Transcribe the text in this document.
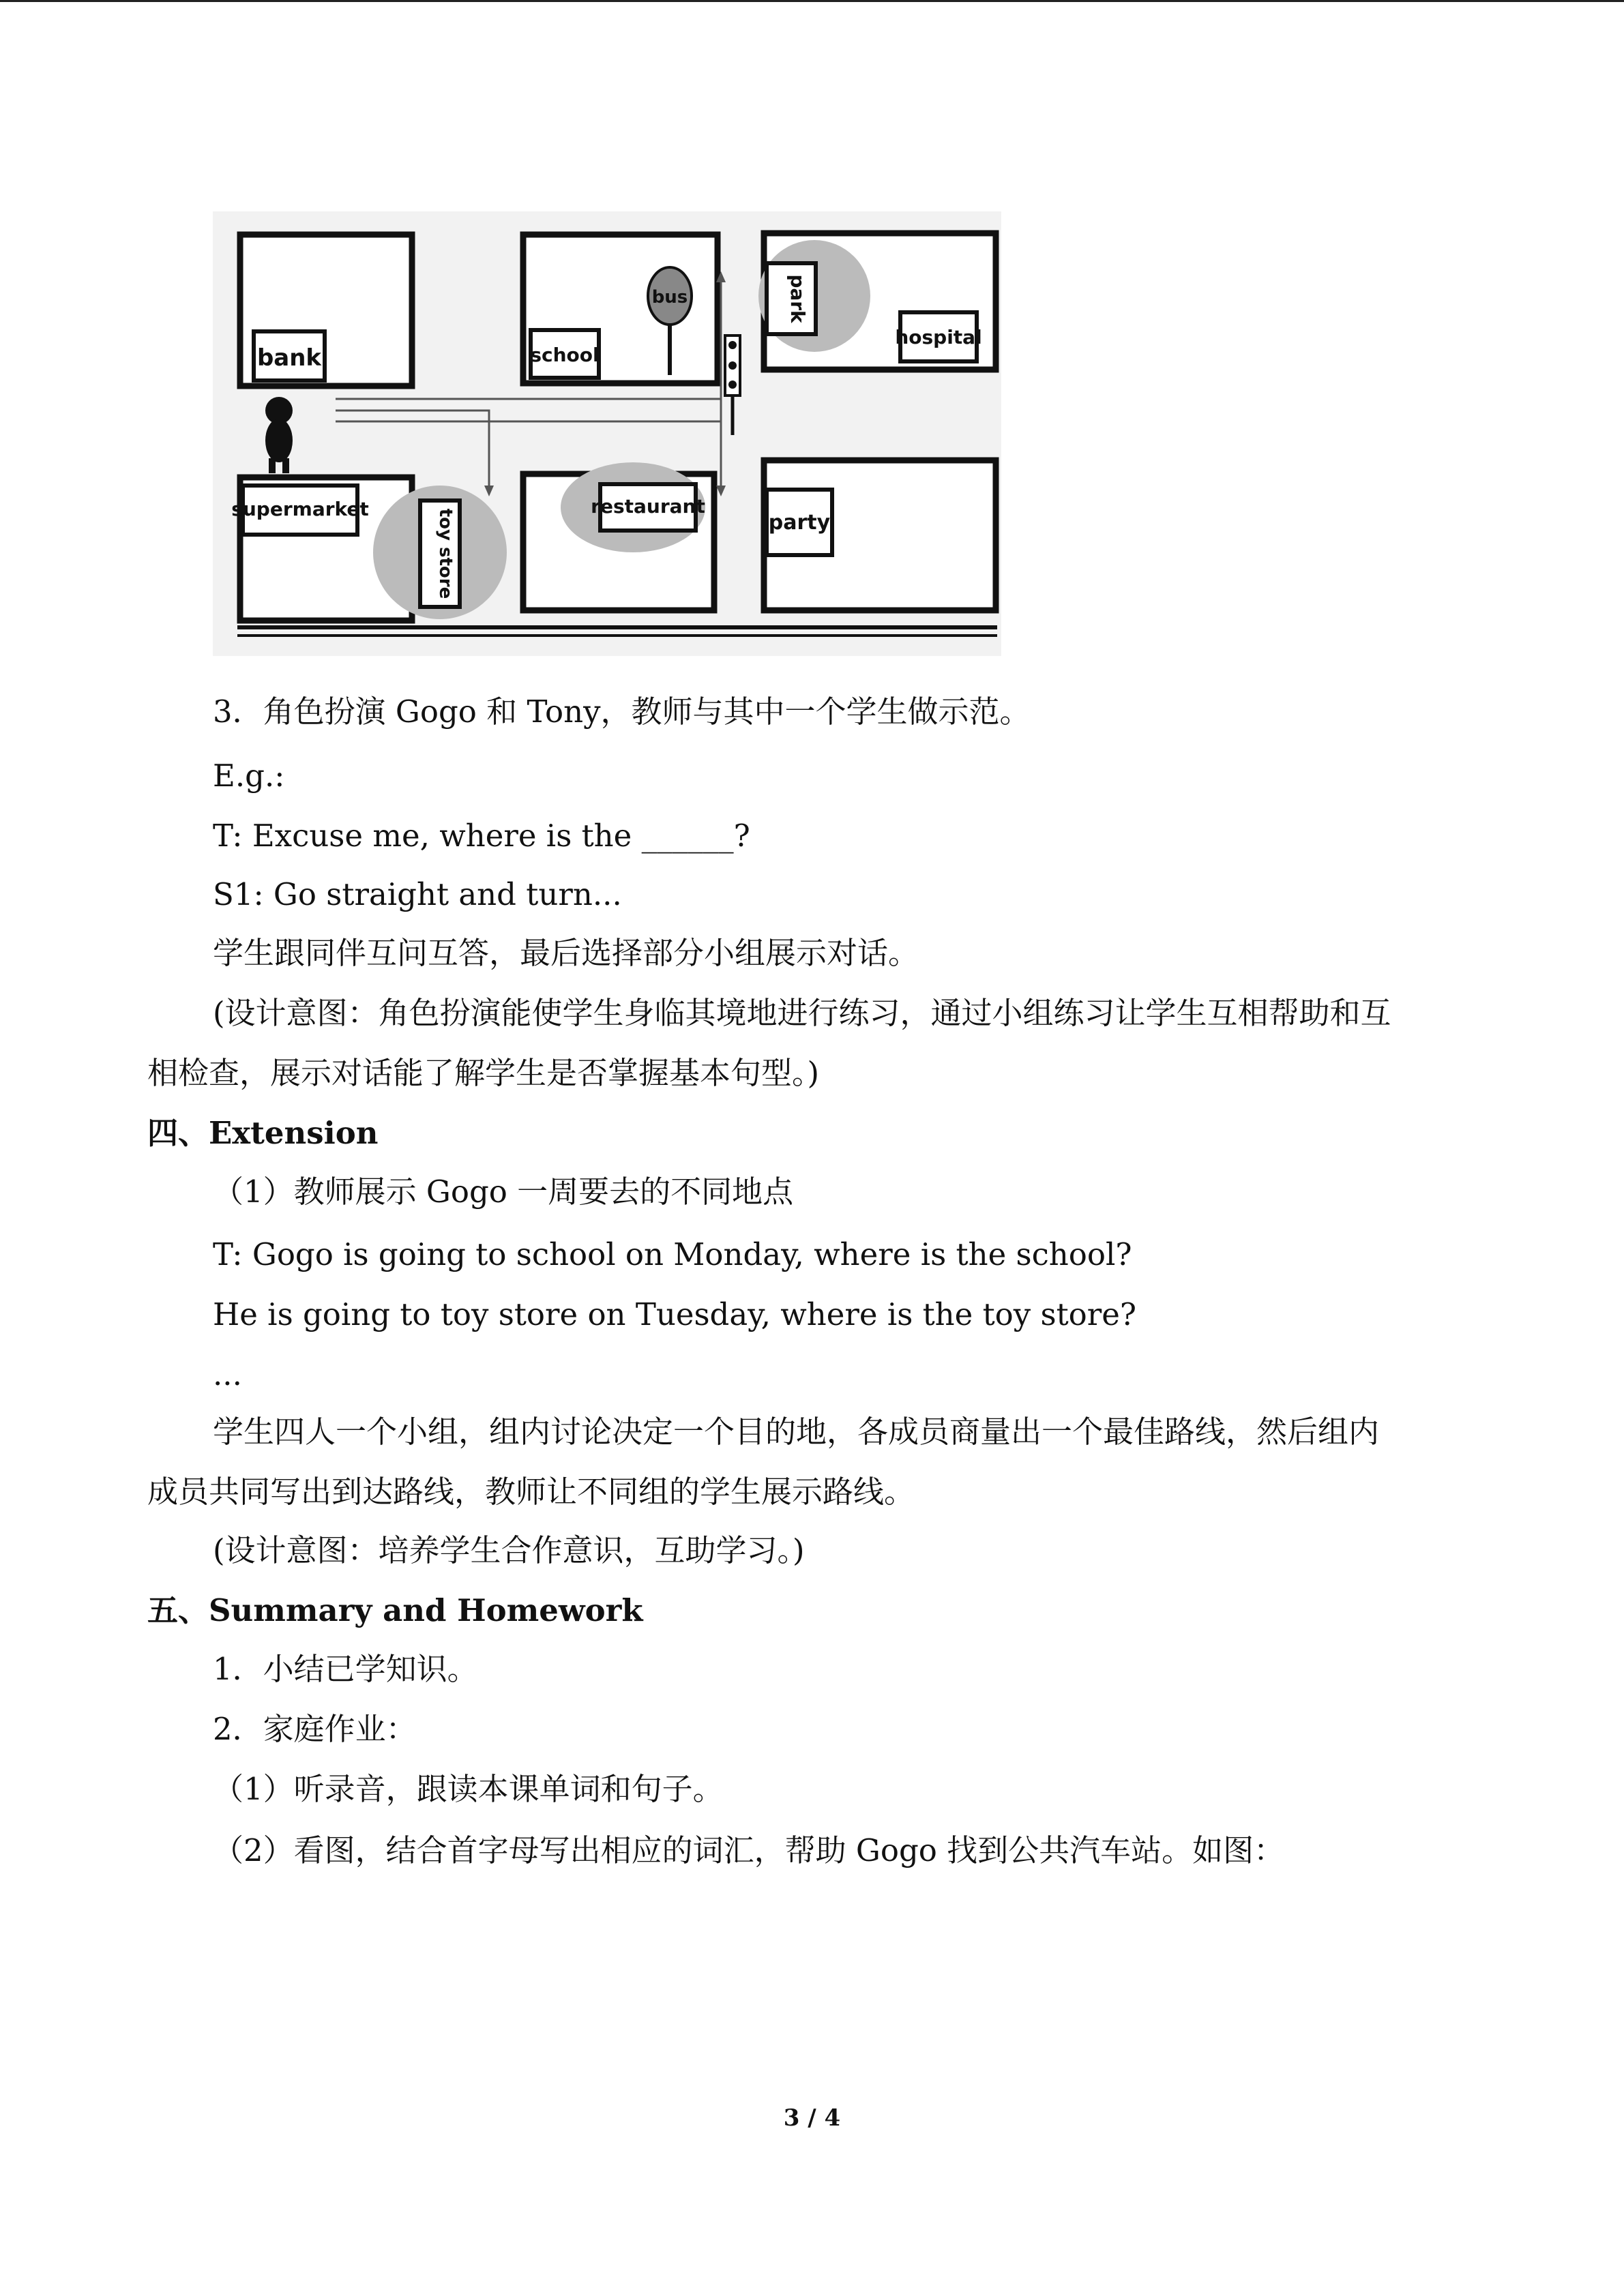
bus
bank	school
park
hospital
supermarket	toy store
restaurant
party
3．角色扮演 Gogo 和 Tony，教师与其中一个学生做示范。
E.g.:
T: Excuse me, where is the ______?
S1: Go straight and turn...
学生跟同伴互问互答，最后选择部分小组展示对话。
(设计意图：角色扮演能使学生身临其境地进行练习，通过小组练习让学生互相帮助和互
相检查，展示对话能了解学生是否掌握基本句型。)
四、Extension
（1）教师展示 Gogo 一周要去的不同地点
T: Gogo is going to school on Monday, where is the school?
He is going to toy store on Tuesday, where is the toy store?
...
学生四人一个小组，组内讨论决定一个目的地，各成员商量出一个最佳路线，然后组内
成员共同写出到达路线，教师让不同组的学生展示路线。
(设计意图：培养学生合作意识，互助学习。)
五、Summary and Homework
1．小结已学知识。
2．家庭作业：
（1）听录音，跟读本课单词和句子。
（2）看图，结合首字母写出相应的词汇，帮助 Gogo 找到公共汽车站。如图：
3 / 4
